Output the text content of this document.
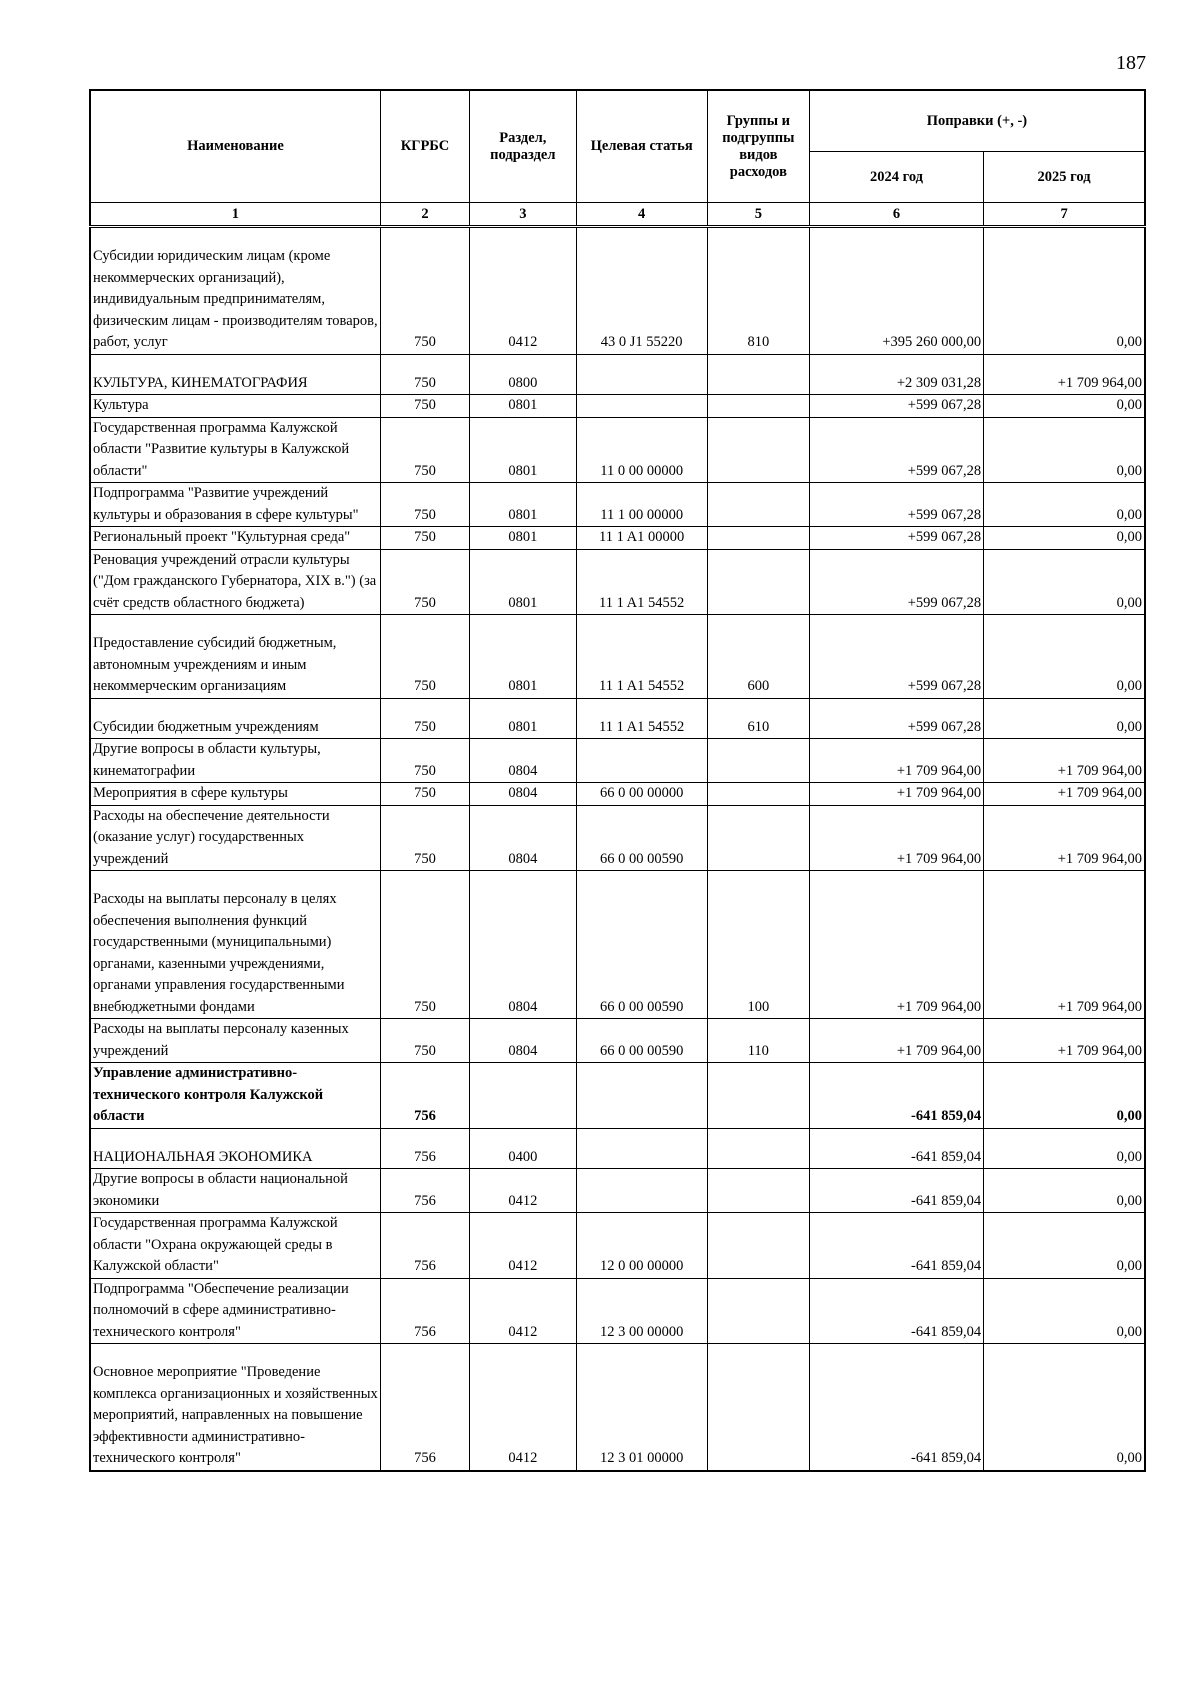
187
Наименование	КГРБС	Раздел, подраздел	Целевая статья	Группы и подгруппы видов расходов	Поправки (+, -)	
					2024 год	2025 год
1	2	3	4	5	6	7
Субсидии юридическим лицам (кроме некоммерческих организаций), индивидуальным предпринимателям, физическим лицам - производителям товаров, работ, услуг	750	0412	43 0 J1 55220	810	+395 260 000,00	0,00
КУЛЬТУРА, КИНЕМАТОГРАФИЯ	750	0800			+2 309 031,28	+1 709 964,00
Культура	750	0801			+599 067,28	0,00
Государственная программа Калужской области "Развитие культуры в Калужской области"	750	0801	11 0 00 00000		+599 067,28	0,00
Подпрограмма "Развитие учреждений культуры и образования в сфере культуры"	750	0801	11 1 00 00000		+599 067,28	0,00
Региональный проект "Культурная среда"	750	0801	11 1 A1 00000		+599 067,28	0,00
Реновация учреждений отрасли культуры ("Дом гражданского Губернатора, XIX в.") (за счёт средств областного бюджета)	750	0801	11 1 A1 54552		+599 067,28	0,00
Предоставление субсидий бюджетным, автономным учреждениям и иным некоммерческим организациям	750	0801	11 1 A1 54552	600	+599 067,28	0,00
Субсидии бюджетным учреждениям	750	0801	11 1 A1 54552	610	+599 067,28	0,00
Другие вопросы в области культуры, кинематографии	750	0804			+1 709 964,00	+1 709 964,00
Мероприятия в сфере культуры	750	0804	66 0 00 00000		+1 709 964,00	+1 709 964,00
Расходы на обеспечение деятельности (оказание услуг) государственных учреждений	750	0804	66 0 00 00590		+1 709 964,00	+1 709 964,00
Расходы на выплаты персоналу в целях обеспечения выполнения функций государственными (муниципальными) органами, казенными учреждениями, органами управления государственными внебюджетными фондами	750	0804	66 0 00 00590	100	+1 709 964,00	+1 709 964,00
Расходы на выплаты персоналу казенных учреждений	750	0804	66 0 00 00590	110	+1 709 964,00	+1 709 964,00
Управление административно-технического контроля Калужской области	756				-641 859,04	0,00
НАЦИОНАЛЬНАЯ ЭКОНОМИКА	756	0400			-641 859,04	0,00
Другие вопросы в области национальной экономики	756	0412			-641 859,04	0,00
Государственная программа Калужской области "Охрана окружающей среды в Калужской области"	756	0412	12 0 00 00000		-641 859,04	0,00
Подпрограмма "Обеспечение реализации полномочий в сфере административно-технического контроля"	756	0412	12 3 00 00000		-641 859,04	0,00
Основное мероприятие "Проведение комплекса организационных и хозяйственных мероприятий, направленных на повышение эффективности административно-технического контроля"	756	0412	12 3 01 00000		-641 859,04	0,00
